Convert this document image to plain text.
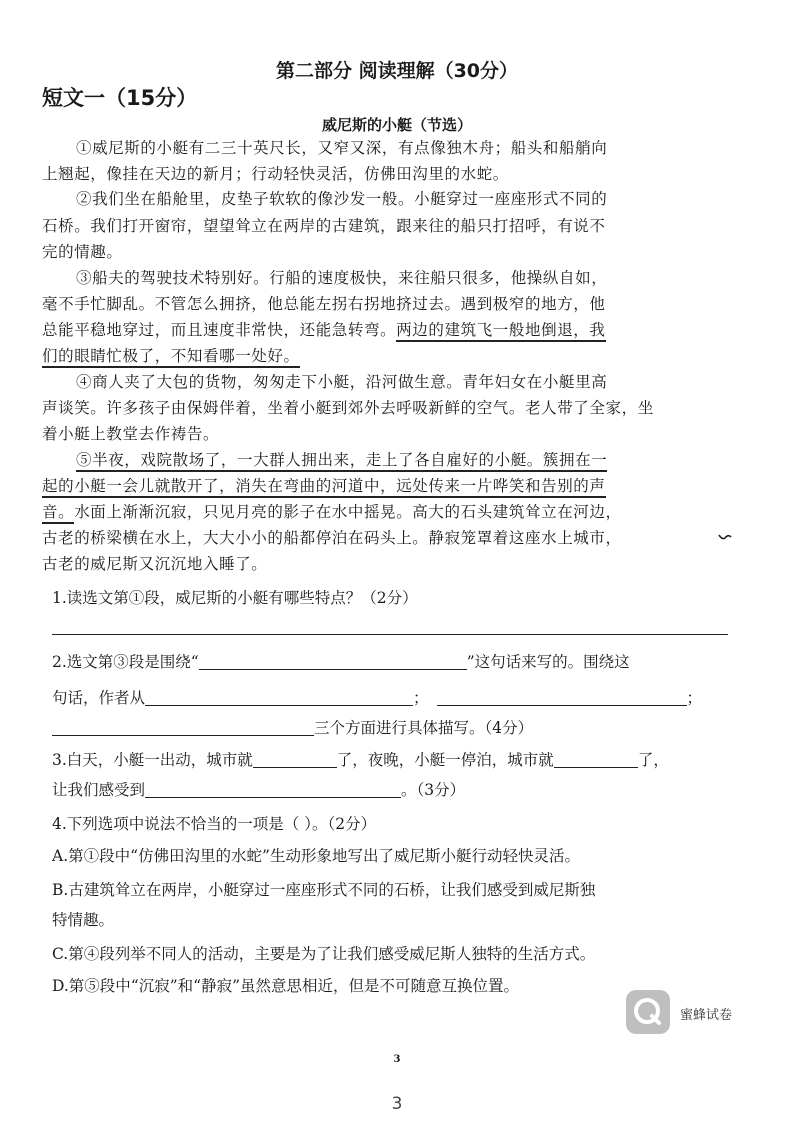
第二部分 阅读理解（30分）
短文一（15分）
威尼斯的小艇（节选）
①威尼斯的小艇有二三十英尺长，又窄又深，有点像独木舟；船头和船艄向
上翘起，像挂在天边的新月；行动轻快灵活，仿佛田沟里的水蛇。
②我们坐在船舱里，皮垫子软软的像沙发一般。小艇穿过一座座形式不同的
石桥。我们打开窗帘，望望耸立在两岸的古建筑，跟来往的船只打招呼，有说不
完的情趣。
③船夫的驾驶技术特别好。行船的速度极快，来往船只很多，他操纵自如，
毫不手忙脚乱。不管怎么拥挤，他总能左拐右拐地挤过去。遇到极窄的地方，他
总能平稳地穿过，而且速度非常快，还能急转弯。两边的建筑飞一般地倒退，我
们的眼睛忙极了，不知看哪一处好。
④商人夹了大包的货物，匆匆走下小艇，沿河做生意。青年妇女在小艇里高
声谈笑。许多孩子由保姆伴着，坐着小艇到郊外去呼吸新鲜的空气。老人带了全家，坐
着小艇上教堂去作祷告。
⑤半夜，戏院散场了，一大群人拥出来，走上了各自雇好的小艇。簇拥在一
起的小艇一会儿就散开了，消失在弯曲的河道中，远处传来一片哗笑和告别的声
音。水面上渐渐沉寂，只见月亮的影子在水中摇晃。高大的石头建筑耸立在河边，
古老的桥梁横在水上，大大小小的船都停泊在码头上。静寂笼罩着这座水上城市，
古老的威尼斯又沉沉地入睡了。
1.读选文第①段，威尼斯的小艇有哪些特点？（2分）
2.选文第③段是围绕“	”这句话来写的。围绕这
句话，作者从	；	；
三个方面进行具体描写。（4分）
3.白天，小艇一出动，城市就	了，夜晚，小艇一停泊，城市就	了，
让我们感受到	。（3分）
4.下列选项中说法不恰当的一项是（ ）。（2分）
A.第①段中“仿佛田沟里的水蛇”生动形象地写出了威尼斯小艇行动轻快灵活。
B.古建筑耸立在两岸，小艇穿过一座座形式不同的石桥，让我们感受到威尼斯独
特情趣。
C.第④段列举不同人的活动，主要是为了让我们感受威尼斯人独特的生活方式。
D.第⑤段中“沉寂”和“静寂”虽然意思相近，但是不可随意互换位置。
蜜蜂试卷
3
3
